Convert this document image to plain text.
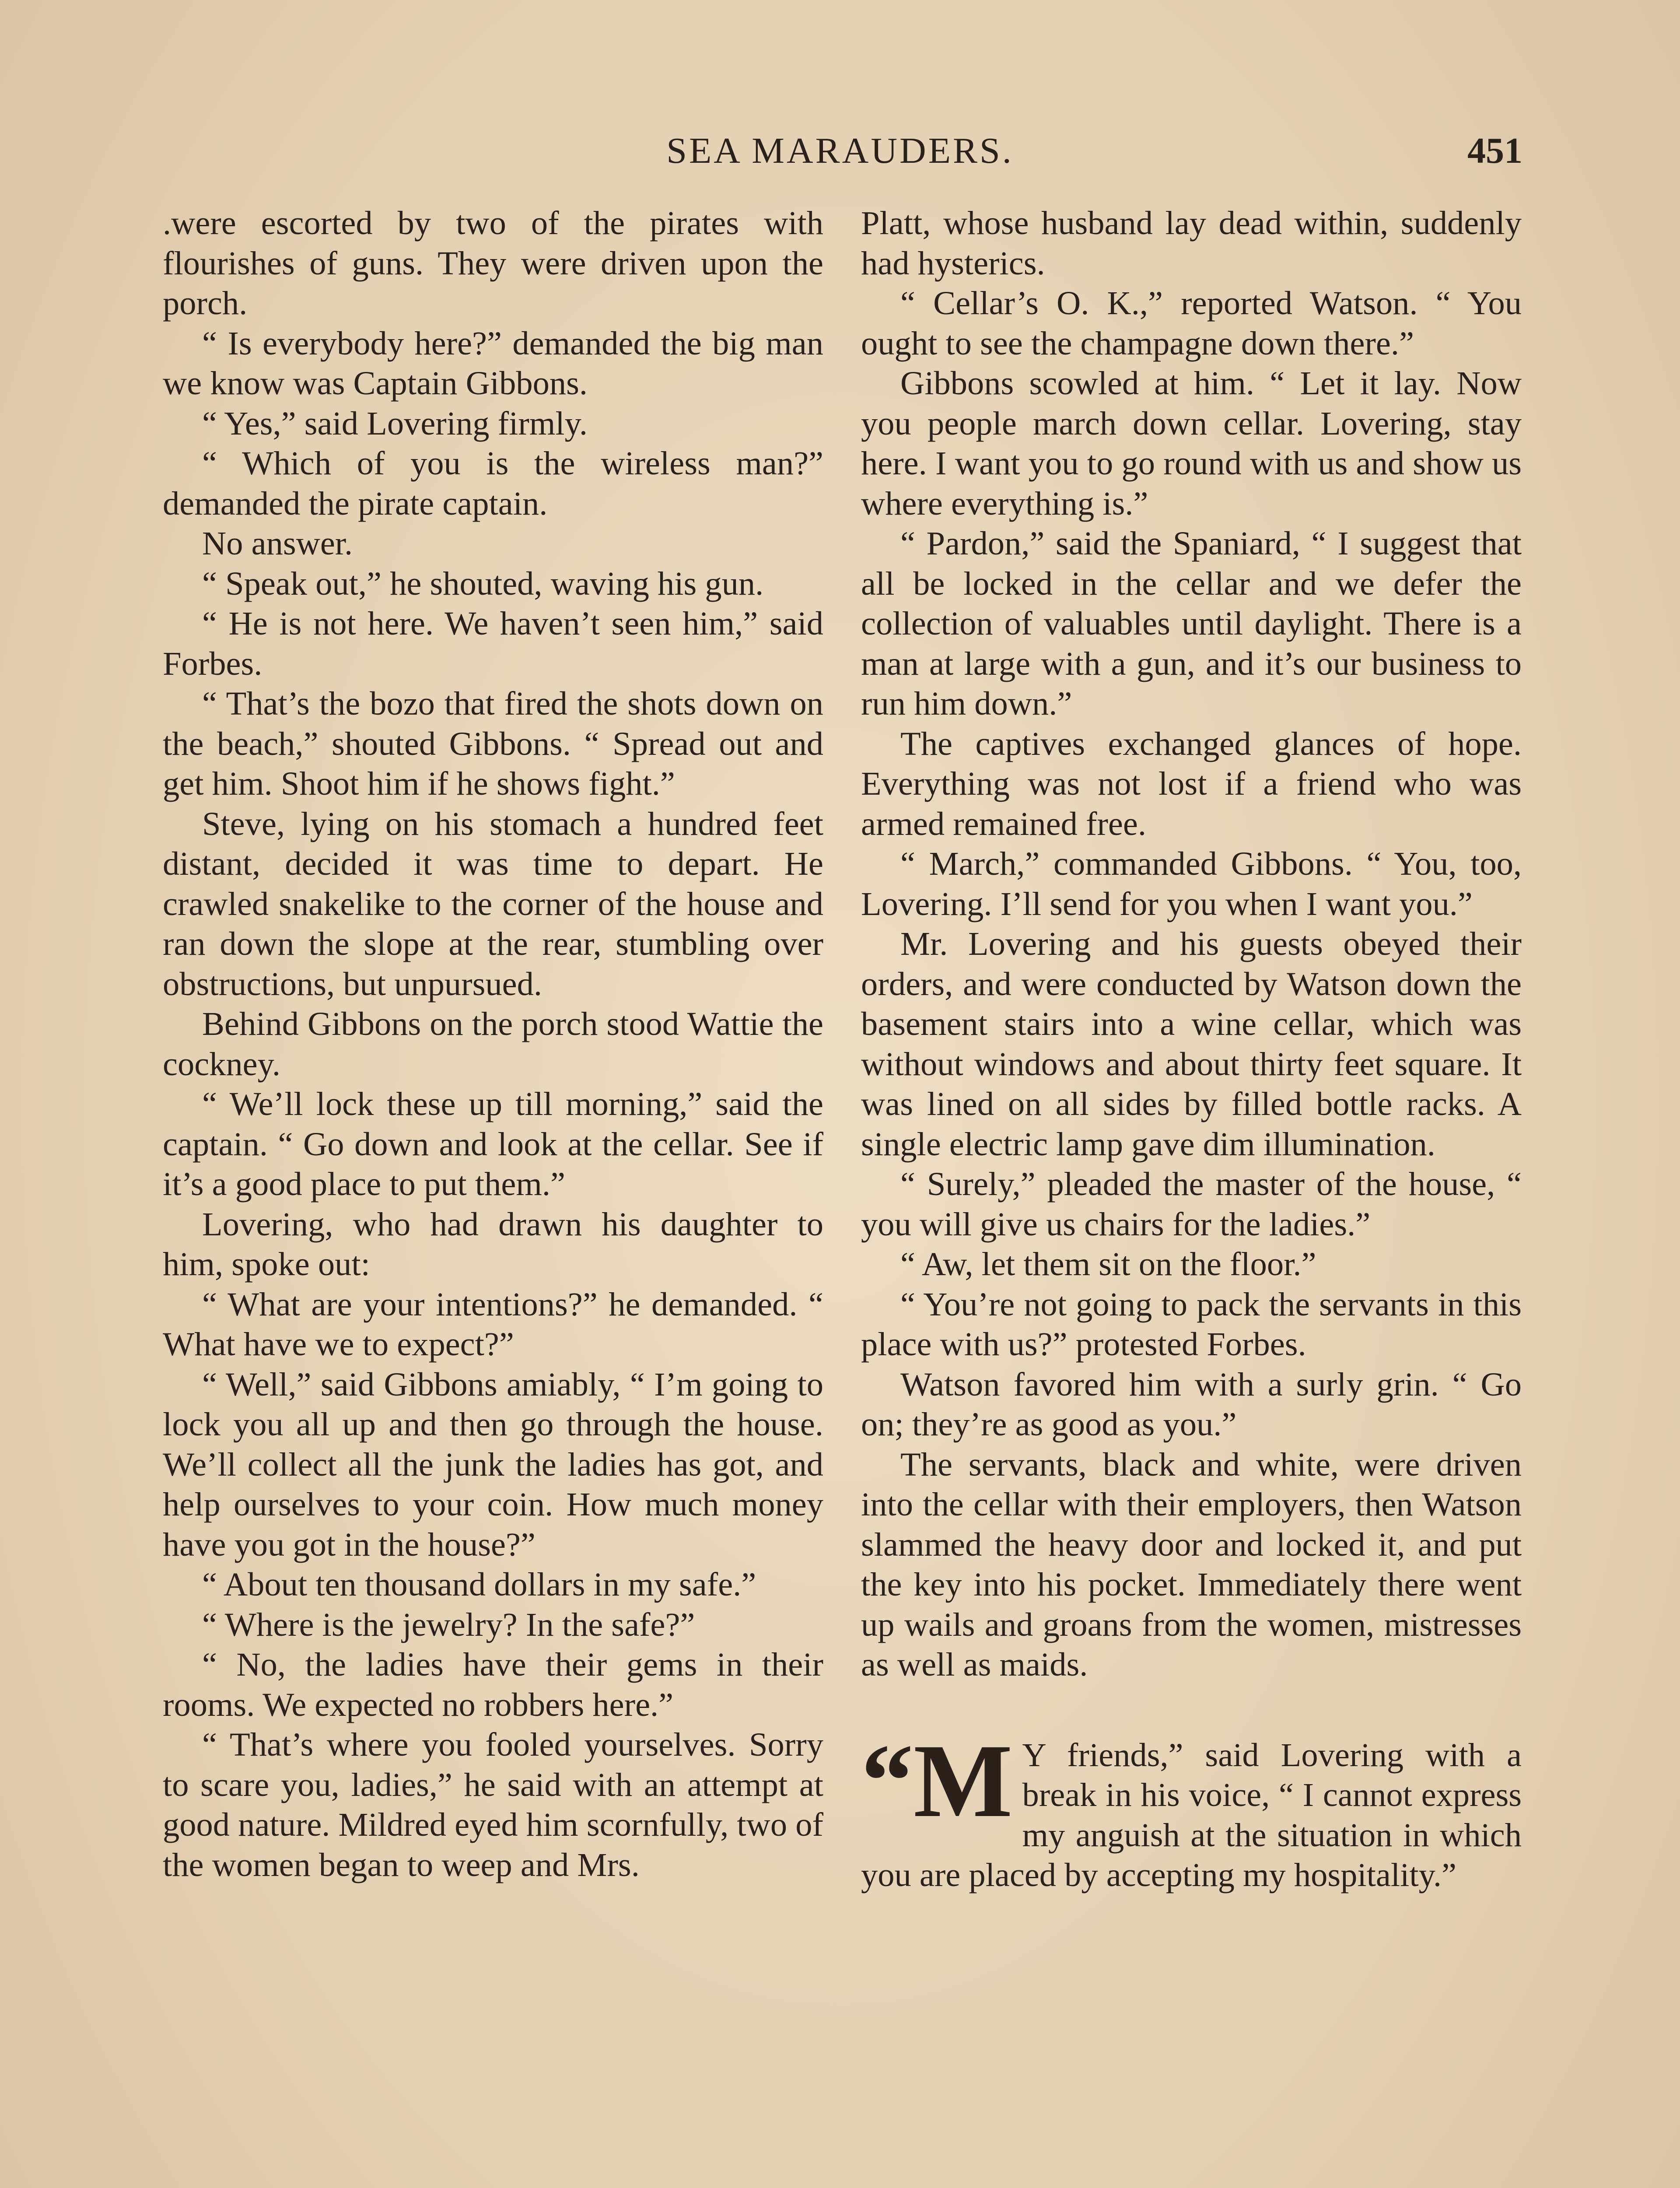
SEA MARAUDERS.	451

.were escorted by two of the pirates with flourishes of guns. They were driven upon the porch.

“ Is everybody here?” demanded the big man we know was Captain Gibbons.

“ Yes,” said Lovering firmly.

“ Which of you is the wireless man?” demanded the pirate captain.

No answer.

“ Speak out,” he shouted, waving his gun.

“ He is not here. We haven’t seen him,” said Forbes.

“ That’s the bozo that fired the shots down on the beach,” shouted Gibbons. “ Spread out and get him. Shoot him if he shows fight.”

Steve, lying on his stomach a hundred feet distant, decided it was time to depart. He crawled snakelike to the corner of the house and ran down the slope at the rear, stumbling over obstructions, but unpursued.

Behind Gibbons on the porch stood Wattie the cockney.

“ We’ll lock these up till morning,” said the captain. “ Go down and look at the cellar. See if it’s a good place to put them.”

Lovering, who had drawn his daughter to him, spoke out:

“ What are your intentions?” he demanded. “ What have we to expect?”

“ Well,” said Gibbons amiably, “ I’m going to lock you all up and then go through the house. We’ll collect all the junk the ladies has got, and help ourselves to your coin. How much money have you got in the house?”

“ About ten thousand dollars in my safe.”

“ Where is the jewelry? In the safe?”

“ No, the ladies have their gems in their rooms. We expected no robbers here.”

“ That’s where you fooled yourselves. Sorry to scare you, ladies,” he said with an attempt at good nature. Mildred eyed him scornfully, two of the women began to weep and Mrs.

Platt, whose husband lay dead within, suddenly had hysterics.

“ Cellar’s O. K.,” reported Watson. “ You ought to see the champagne down there.”

Gibbons scowled at him. “ Let it lay. Now you people march down cellar. Lovering, stay here. I want you to go round with us and show us where everything is.”

“ Pardon,” said the Spaniard, “ I suggest that all be locked in the cellar and we defer the collection of valuables until daylight. There is a man at large with a gun, and it’s our business to run him down.”

The captives exchanged glances of hope. Everything was not lost if a friend who was armed remained free.

“ March,” commanded Gibbons. “ You, too, Lovering. I’ll send for you when I want you.”

Mr. Lovering and his guests obeyed their orders, and were conducted by Watson down the basement stairs into a wine cellar, which was without windows and about thirty feet square. It was lined on all sides by filled bottle racks. A single electric lamp gave dim illumination.

“ Surely,” pleaded the master of the house, “ you will give us chairs for the ladies.”

“ Aw, let them sit on the floor.”

“ You’re not going to pack the servants in this place with us?” protested Forbes.

Watson favored him with a surly grin. “ Go on; they’re as good as you.”

The servants, black and white, were driven into the cellar with their employers, then Watson slammed the heavy door and locked it, and put the key into his pocket. Immediately there went up wails and groans from the women, mistresses as well as maids.

“M Y friends,” said Lovering with a break in his voice, “ I cannot express my anguish at the situation in which you are placed by accepting my hospitality.”
